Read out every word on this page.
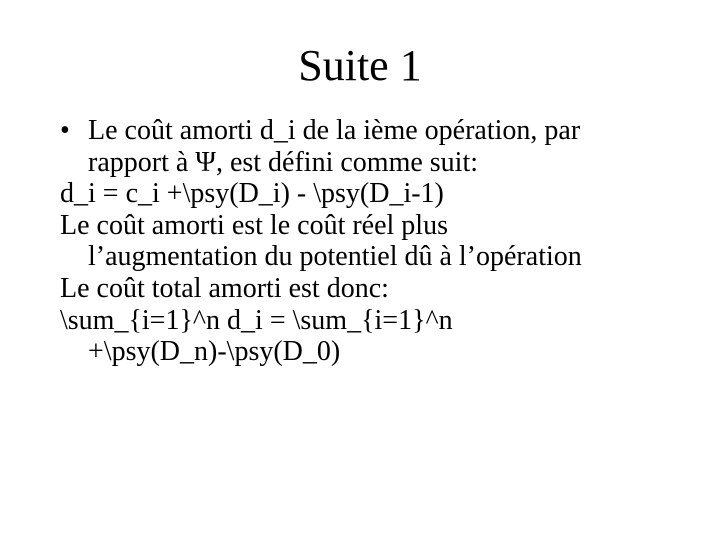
Suite 1
• Le coût amorti d_i de la ième opération, par
rapport à Ψ, est défini comme suit:
d_i = c_i +\psy(D_i) - \psy(D_i-1)
Le coût amorti est le coût réel plus
l’augmentation du potentiel dû à l’opération
Le coût total amorti est donc:
\sum_{i=1}^n d_i = \sum_{i=1}^n
+\psy(D_n)-\psy(D_0)
